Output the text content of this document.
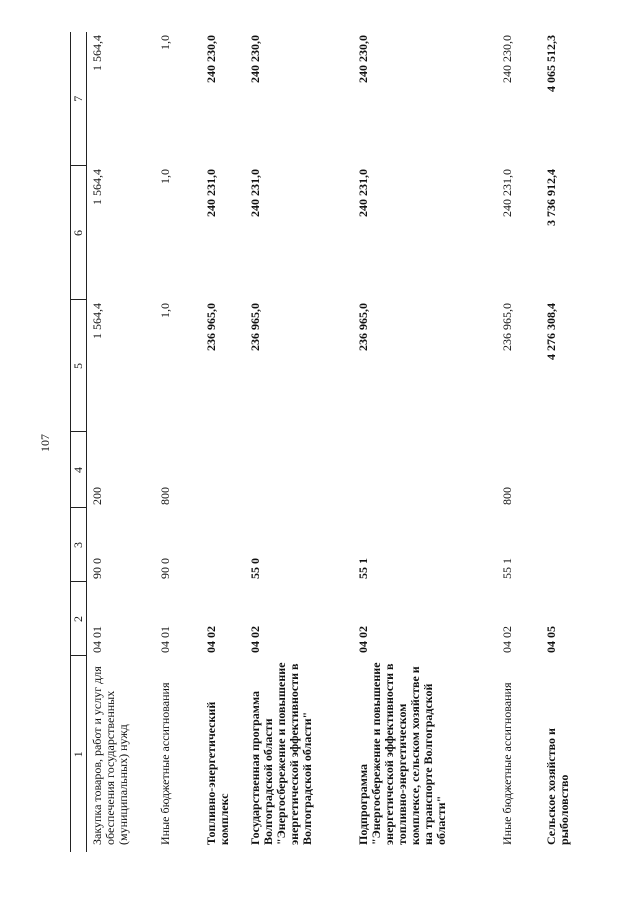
107
1	2	3	4	5	6	7
Закупка товаров, работ и услуг для обеспечения государственных (муниципальных) нужд	04 01	90 0	200	1 564,4	1 564,4	1 564,4
Иные бюджетные ассигнования	04 01	90 0	800	1,0	1,0	1,0
Топливно-энергетический комплекс	04 02			236 965,0	240 231,0	240 230,0
Государственная программа Волгоградской области "Энергосбережение и повышение энергетической эффективности в Волгоградской области"	04 02	55 0		236 965,0	240 231,0	240 230,0
Подпрограмма "Энергосбережение и повышение энергетической эффективности в топливно-энергетическом комплексе, сельском хозяйстве и на транспорте Волгоградской области"	04 02	55 1		236 965,0	240 231,0	240 230,0
Иные бюджетные ассигнования	04 02	55 1	800	236 965,0	240 231,0	240 230,0
Сельское хозяйство и рыболовство	04 05			4 276 308,4	3 736 912,4	4 065 512,3
